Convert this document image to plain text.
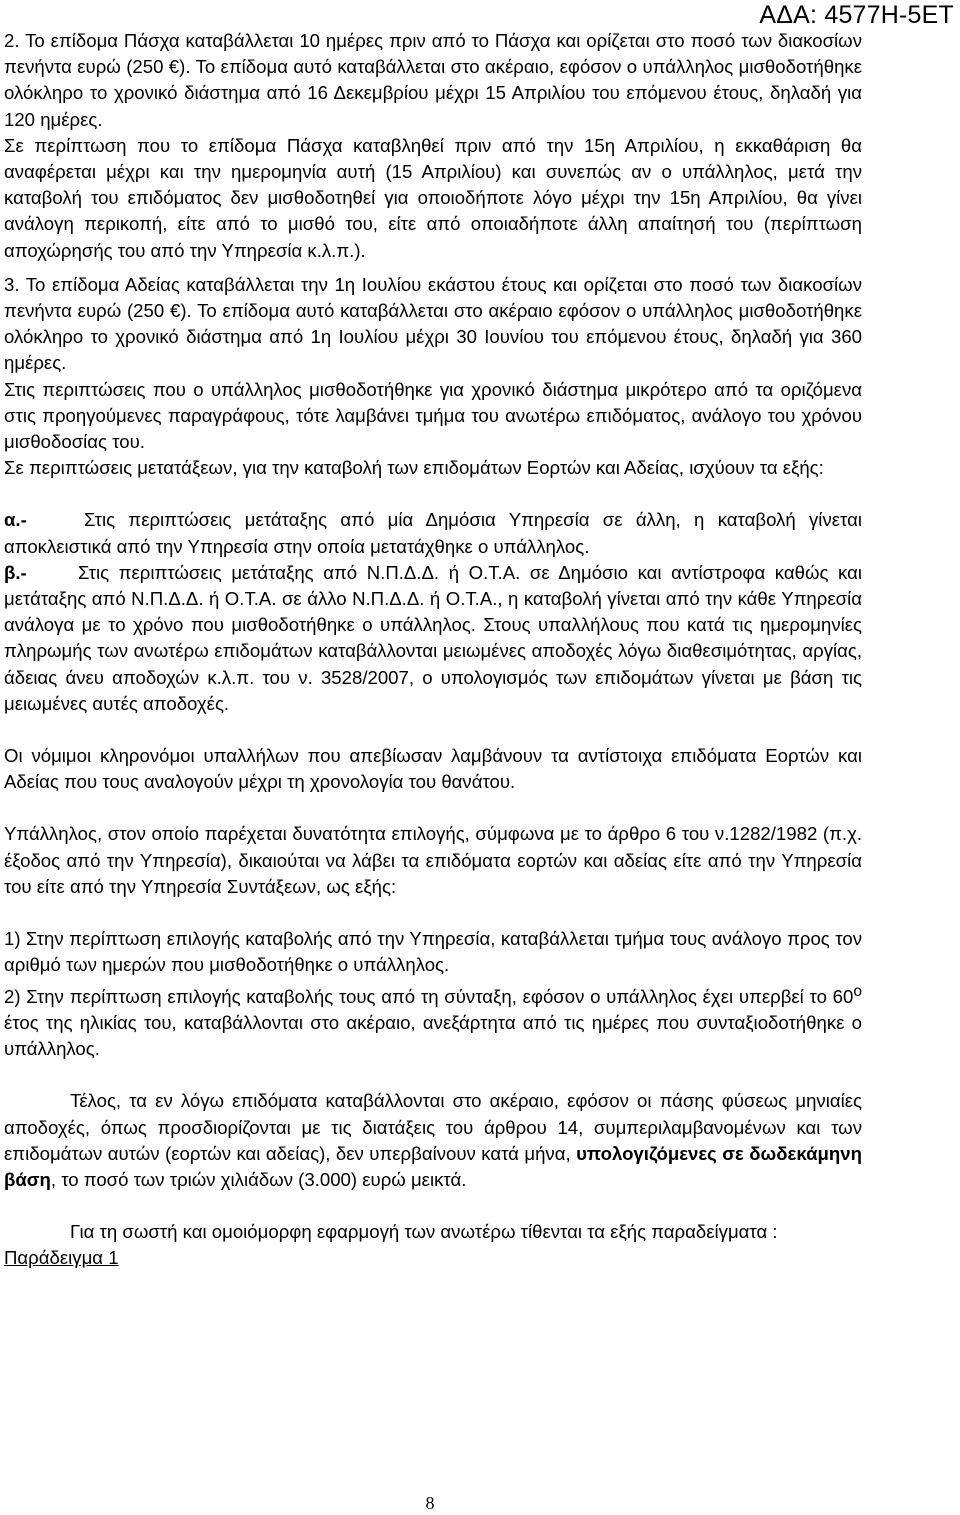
ΑΔΑ: 4577Η-5ΕΤ

2. Το επίδομα Πάσχα καταβάλλεται 10 ημέρες πριν από το Πάσχα και ορίζεται στο ποσό των διακοσίων πενήντα ευρώ (250 €). Το επίδομα αυτό καταβάλλεται στο ακέραιο, εφόσον ο υπάλληλος μισθοδοτήθηκε ολόκληρο το χρονικό διάστημα από 16 Δεκεμβρίου μέχρι 15 Απριλίου του επόμενου έτους, δηλαδή για 120 ημέρες.

Σε περίπτωση που το επίδομα Πάσχα καταβληθεί πριν από την 15η Απριλίου, η εκκαθάριση θα αναφέρεται μέχρι και την ημερομηνία αυτή (15 Απριλίου) και συνεπώς αν ο υπάλληλος, μετά την καταβολή του επιδόματος δεν μισθοδοτηθεί για οποιοδήποτε λόγο μέχρι την 15η Απριλίου, θα γίνει ανάλογη περικοπή, είτε από το μισθό του, είτε από οποιαδήποτε άλλη απαίτησή του (περίπτωση αποχώρησής του από την Υπηρεσία κ.λ.π.).

3. Το επίδομα Αδείας καταβάλλεται την 1η Ιουλίου εκάστου έτους και ορίζεται στο ποσό των διακοσίων πενήντα ευρώ (250 €). Το επίδομα αυτό καταβάλλεται στο ακέραιο εφόσον ο υπάλληλος μισθοδοτήθηκε ολόκληρο το χρονικό διάστημα από 1η Ιουλίου μέχρι 30 Ιουνίου του επόμενου έτους, δηλαδή για 360 ημέρες.

Στις περιπτώσεις που ο υπάλληλος μισθοδοτήθηκε για χρονικό διάστημα μικρότερο από τα οριζόμενα στις προηγούμενες παραγράφους, τότε λαμβάνει τμήμα του ανωτέρω επιδόματος, ανάλογο του χρόνου μισθοδοσίας του.

Σε περιπτώσεις μετατάξεων, για την καταβολή των επιδομάτων Εορτών και Αδείας, ισχύουν τα εξής:

α.-	Στις περιπτώσεις μετάταξης από μία Δημόσια Υπηρεσία σε άλλη, η καταβολή γίνεται αποκλειστικά από την Υπηρεσία στην οποία μετατάχθηκε ο υπάλληλος.

β.-	Στις περιπτώσεις μετάταξης από Ν.Π.Δ.Δ. ή Ο.Τ.Α. σε Δημόσιο και αντίστροφα καθώς και μετάταξης από Ν.Π.Δ.Δ. ή Ο.Τ.Α. σε άλλο Ν.Π.Δ.Δ. ή Ο.Τ.Α., η καταβολή γίνεται από την κάθε Υπηρεσία ανάλογα με το χρόνο που μισθοδοτήθηκε ο υπάλληλος. Στους υπαλλήλους που κατά τις ημερομηνίες πληρωμής των ανωτέρω επιδομάτων καταβάλλονται μειωμένες αποδοχές λόγω διαθεσιμότητας, αργίας, άδειας άνευ αποδοχών κ.λ.π. του ν. 3528/2007, ο υπολογισμός των επιδομάτων γίνεται με βάση τις μειωμένες αυτές αποδοχές.

Οι νόμιμοι κληρονόμοι υπαλλήλων που απεβίωσαν λαμβάνουν τα αντίστοιχα επιδόματα Εορτών και Αδείας που τους αναλογούν μέχρι τη χρονολογία του θανάτου.

Υπάλληλος, στον οποίο παρέχεται δυνατότητα επιλογής, σύμφωνα με το άρθρο 6 του ν.1282/1982 (π.χ. έξοδος από την Υπηρεσία), δικαιούται να λάβει τα επιδόματα εορτών και αδείας είτε από την Υπηρεσία του είτε από την Υπηρεσία Συντάξεων, ως εξής:

1) Στην περίπτωση επιλογής καταβολής από την Υπηρεσία, καταβάλλεται τμήμα τους ανάλογο προς τον αριθμό των ημερών που μισθοδοτήθηκε ο υπάλληλος.

2) Στην περίπτωση επιλογής καταβολής τους από τη σύνταξη, εφόσον ο υπάλληλος έχει υπερβεί το $60^o$ έτος της ηλικίας του, καταβάλλονται στο ακέραιο, ανεξάρτητα από τις ημέρες που συνταξιοδοτήθηκε ο υπάλληλος.

Τέλος, τα εν λόγω επιδόματα καταβάλλονται στο ακέραιο, εφόσον οι πάσης φύσεως μηνιαίες αποδοχές, όπως προσδιορίζονται με τις διατάξεις του άρθρου 14, συμπεριλαμβανομένων και των επιδομάτων αυτών (εορτών και αδείας), δεν υπερβαίνουν κατά μήνα, υπολογιζόμενες σε δωδεκάμηνη βάση, το ποσό των τριών χιλιάδων (3.000) ευρώ μεικτά.

Για τη σωστή και ομοιόμορφη εφαρμογή των ανωτέρω τίθενται τα εξής παραδείγματα :

Παράδειγμα 1

8
